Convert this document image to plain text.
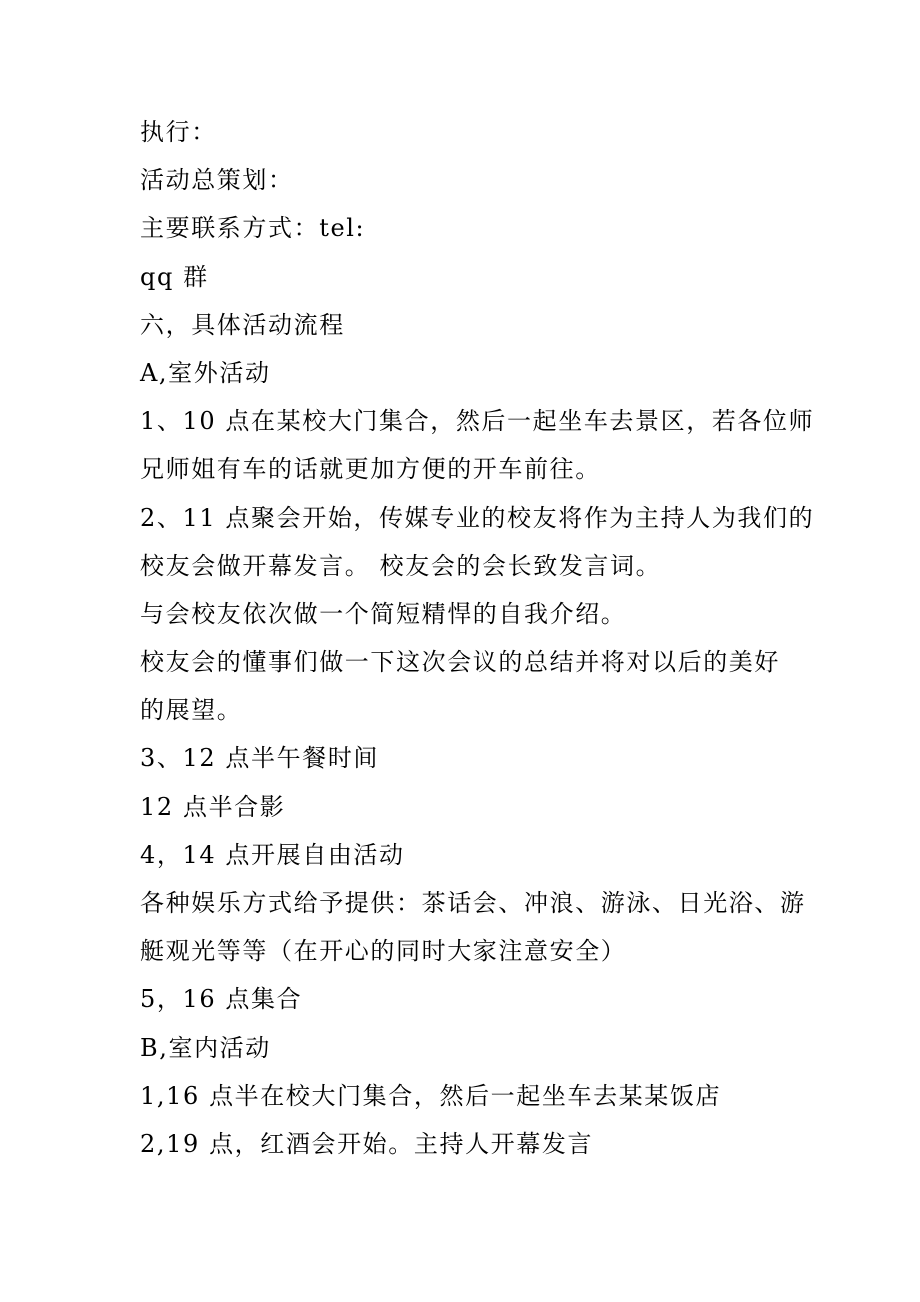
执行：
活动总策划：
主要联系方式：tel:
qq 群
六，具体活动流程
A,室外活动
1、10 点在某校大门集合，然后一起坐车去景区，若各位师
兄师姐有车的话就更加方便的开车前往。
2、11 点聚会开始，传媒专业的校友将作为主持人为我们的
校友会做开幕发言。 校友会的会长致发言词。
与会校友依次做一个简短精悍的自我介绍。
校友会的懂事们做一下这次会议的总结并将对以后的美好
的展望。
3、12 点半午餐时间
12 点半合影
4，14 点开展自由活动
各种娱乐方式给予提供：茶话会、冲浪、游泳、日光浴、游
艇观光等等（在开心的同时大家注意安全）
5，16 点集合
B,室内活动
1,16 点半在校大门集合，然后一起坐车去某某饭店
2,19 点，红酒会开始。主持人开幕发言
